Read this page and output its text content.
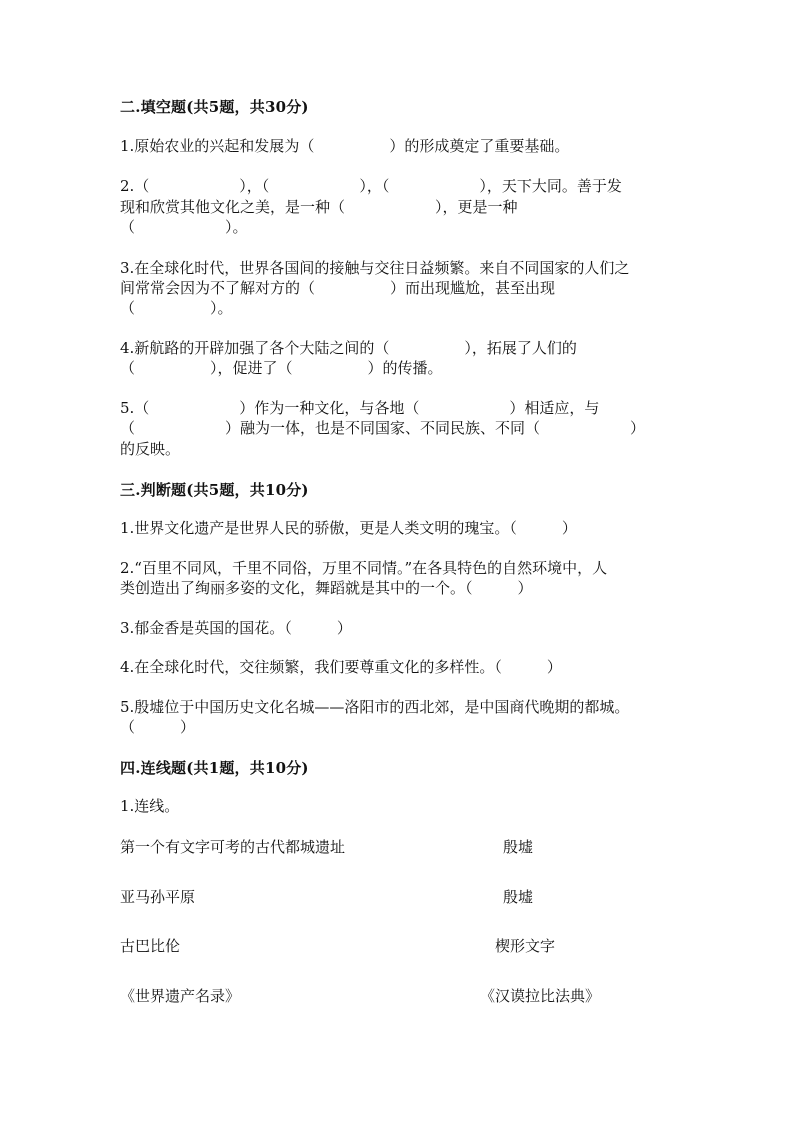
二.填空题(共5题，共30分)
1.原始农业的兴起和发展为（　　　　　）的形成奠定了重要基础。
2.（　　　　　　），（　　　　　　），（　　　　　　），天下大同。善于发
现和欣赏其他文化之美，是一种（　　　　　　），更是一种
（　　　　　　）。
3.在全球化时代，世界各国间的接触与交往日益频繁。来自不同国家的人们之
间常常会因为不了解对方的（　　　　　）而出现尴尬，甚至出现
（　　　　　）。
4.新航路的开辟加强了各个大陆之间的（　　　　　），拓展了人们的
（　　　　　），促进了（　　　　　）的传播。
5.（　　　　　　）作为一种文化，与各地（　　　　　　）相适应，与
（　　　　　　）融为一体，也是不同国家、不同民族、不同（　　　　　　）
的反映。
三.判断题(共5题，共10分)
1.世界文化遗产是世界人民的骄傲，更是人类文明的瑰宝。（　　　）
2.“百里不同风，千里不同俗，万里不同情。”在各具特色的自然环境中，人
类创造出了绚丽多姿的文化，舞蹈就是其中的一个。（　　　）
3.郁金香是英国的国花。（　　　）
4.在全球化时代，交往频繁，我们要尊重文化的多样性。（　　　）
5.殷墟位于中国历史文化名城——洛阳市的西北郊，是中国商代晚期的都城。
（　　　）
四.连线题(共1题，共10分)
1.连线。
第一个有文字可考的古代都城遗址	殷墟
亚马孙平原	殷墟
古巴比伦	楔形文字
《世界遗产名录》	《汉谟拉比法典》
